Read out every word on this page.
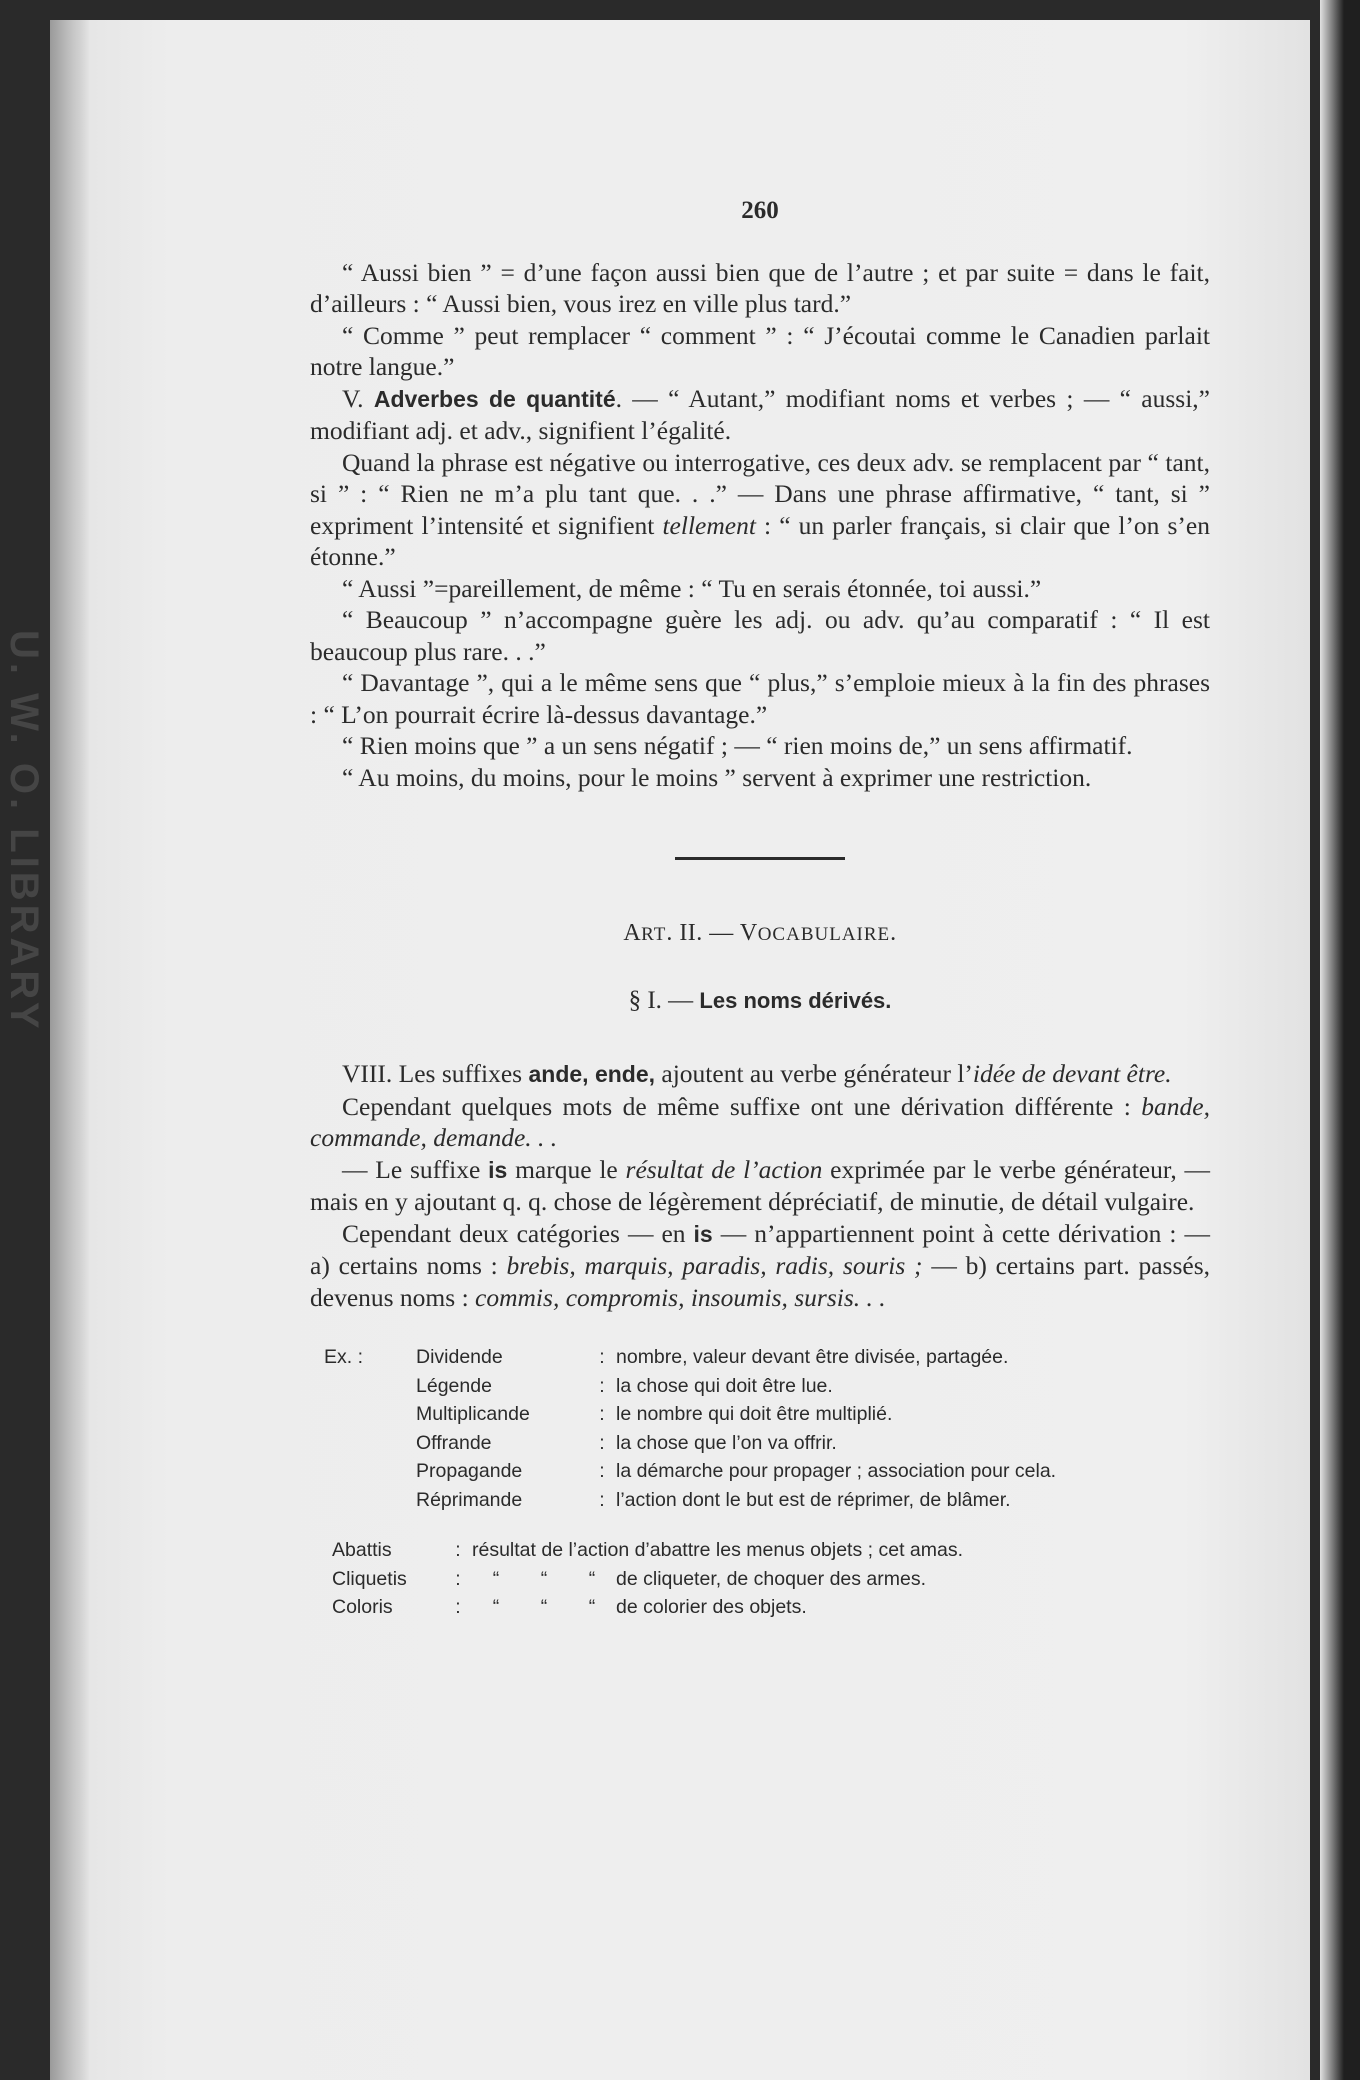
U. W. O. LIBRARY
260

“ Aussi bien ” = d’une façon aussi bien que de l’autre ; et par suite = dans le fait, d’ailleurs : “ Aussi bien, vous irez en ville plus tard.”

“ Comme ” peut remplacer “ comment ” : “ J’écoutai comme le Canadien parlait notre langue.”

V. Adverbes de quantité. — “ Autant,” modifiant noms et verbes ; — “ aussi,” modifiant adj. et adv., signifient l’égalité.

Quand la phrase est négative ou interrogative, ces deux adv. se remplacent par “ tant, si ” : “ Rien ne m’a plu tant que. . .” — Dans une phrase affirmative, “ tant, si ” expriment l’intensité et signifient tellement : “ un parler français, si clair que l’on s’en étonne.”

“ Aussi ”=pareillement, de même : “ Tu en serais étonnée, toi aussi.”

“ Beaucoup ” n’accompagne guère les adj. ou adv. qu’au comparatif : “ Il est beaucoup plus rare. . .”

“ Davantage ”, qui a le même sens que “ plus,” s’emploie mieux à la fin des phrases : “ L’on pourrait écrire là-dessus davantage.”

“ Rien moins que ” a un sens négatif ; — “ rien moins de,” un sens affirmatif.

“ Au moins, du moins, pour le moins ” servent à exprimer une restriction.

ART. II. — VOCABULAIRE.
§ I. — Les noms dérivés.

VIII. Les suffixes ande, ende, ajoutent au verbe générateur l’idée de devant être.

Cependant quelques mots de même suffixe ont une dérivation différente : bande, commande, demande. . .

— Le suffixe is marque le résultat de l’action exprimée par le verbe générateur, — mais en y ajoutant q. q. chose de légèrement dépréciatif, de minutie, de détail vulgaire.

Cependant deux catégories — en is — n’appartiennent point à cette dérivation : — a) certains noms : brebis, marquis, paradis, radis, souris ; — b) certains part. passés, devenus noms : commis, compromis, insoumis, sursis. . .

Ex. :	Dividende	:	nombre, valeur devant être divisée, partagée.
	Légende	:	la chose qui doit être lue.
	Multiplicande	:	le nombre qui doit être multiplié.
	Offrande	:	la chose que l’on va offrir.
	Propagande	:	la démarche pour propager ; association pour cela.
	Réprimande	:	l’action dont le but est de réprimer, de blâmer.
Abattis	:	résultat de l’action d’abattre les menus objets ; cet amas.			
Cliquetis	:	“	“	“	de cliqueter, de choquer des armes.
Coloris	:	“	“	“	de colorier des objets.
